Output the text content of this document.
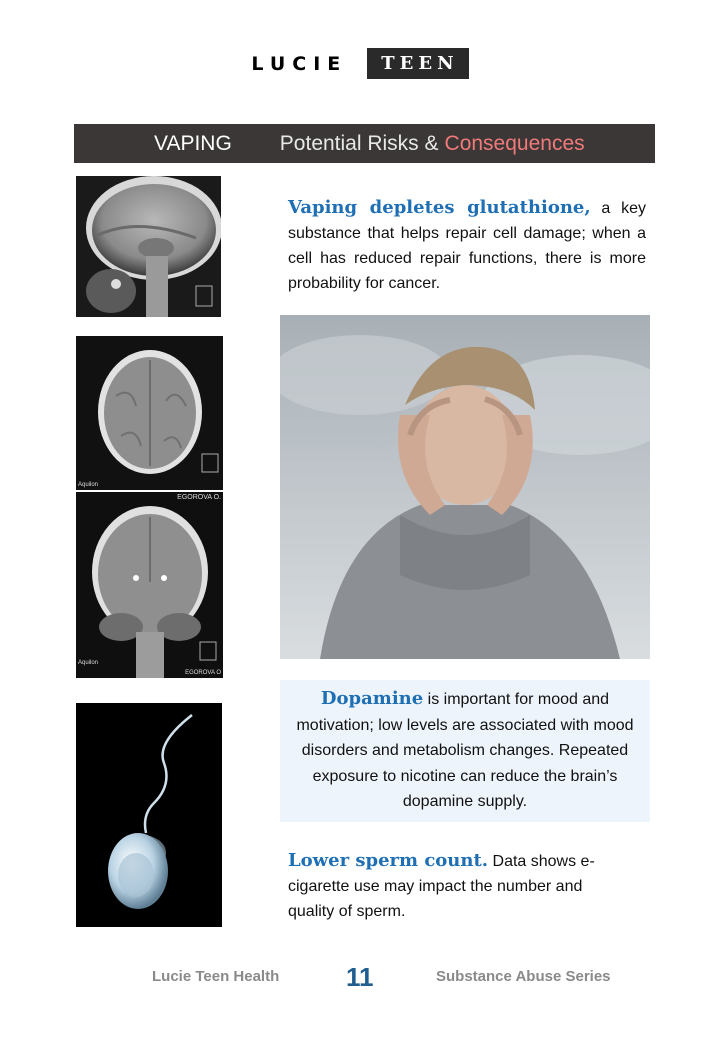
LUCIE	TEEN
VAPING Potential Risks & Consequences
Aquilon
EGOROVA O.
Aquilon
EGOROVA O
Vaping depletes glutathione, a key substance that helps repair cell damage; when a cell has reduced repair functions, there is more probability for cancer.
Dopamine is important for mood and motivation; low levels are associated with mood disorders and metabolism changes. Repeated exposure to nicotine can reduce the brain’s dopamine supply.
Lower sperm count. Data shows e-cigarette use may impact the number and quality of sperm.
Lucie Teen Health	11	Substance Abuse Series
